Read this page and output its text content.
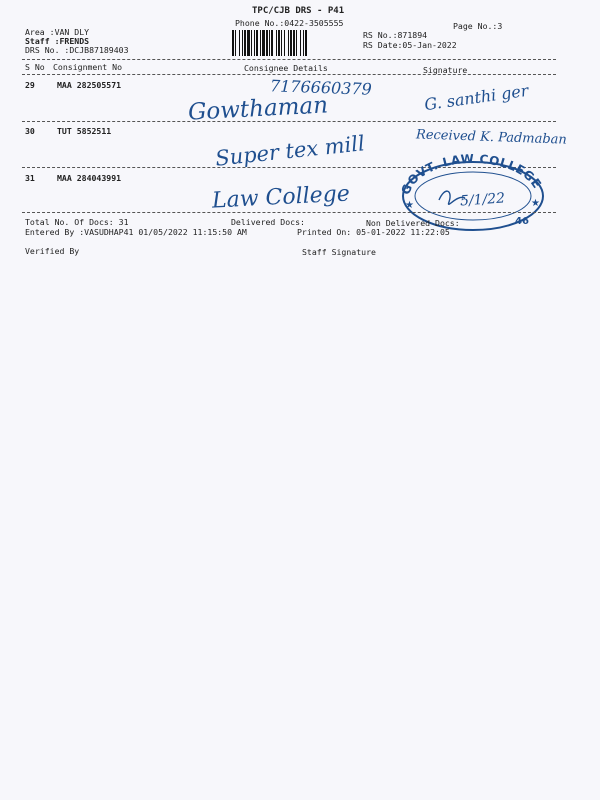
TPC/CJB DRS - P41
Phone No.:0422-3505555	Page No.:3
Area :VAN DLY
Staff :FRENDS
DRS No. :DCJB87189403
RS No.:871894
RS Date:05-Jan-2022
S No Consignment No	Consignee Details	Signature
29	MAA 282505571	7176660379
Gowthaman	G. santhi ger
30	TUT 5852511
Super tex mill	Received K. Padmaban
31	MAA 284043991
Law College	GOVT. LAW COLLEGE
46
★
★	5/1/22
Total No. Of Docs: 31	Delivered Docs:	Non Delivered Docs:
Entered By :VASUDHAP41 01/05/2022 11:15:50 AM	Printed On: 05-01-2022 11:22:05
Verified By	Staff Signature
